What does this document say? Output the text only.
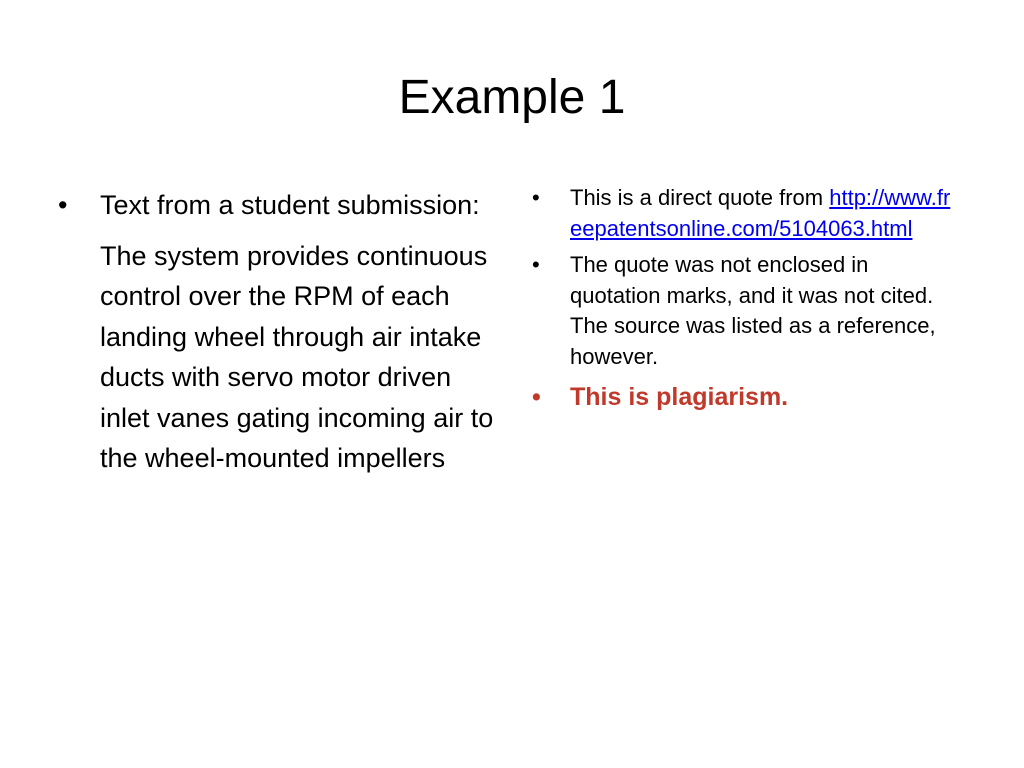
Example 1
• Text from a student submission:
The system provides continuous control over the RPM of each landing wheel through air intake ducts with servo motor driven inlet vanes gating incoming air to the wheel-mounted impellers
• This is a direct quote from http://www.freepatentsonline.com/5104063.html
• The quote was not enclosed in quotation marks, and it was not cited. The source was listed as a reference, however.
• This is plagiarism.
